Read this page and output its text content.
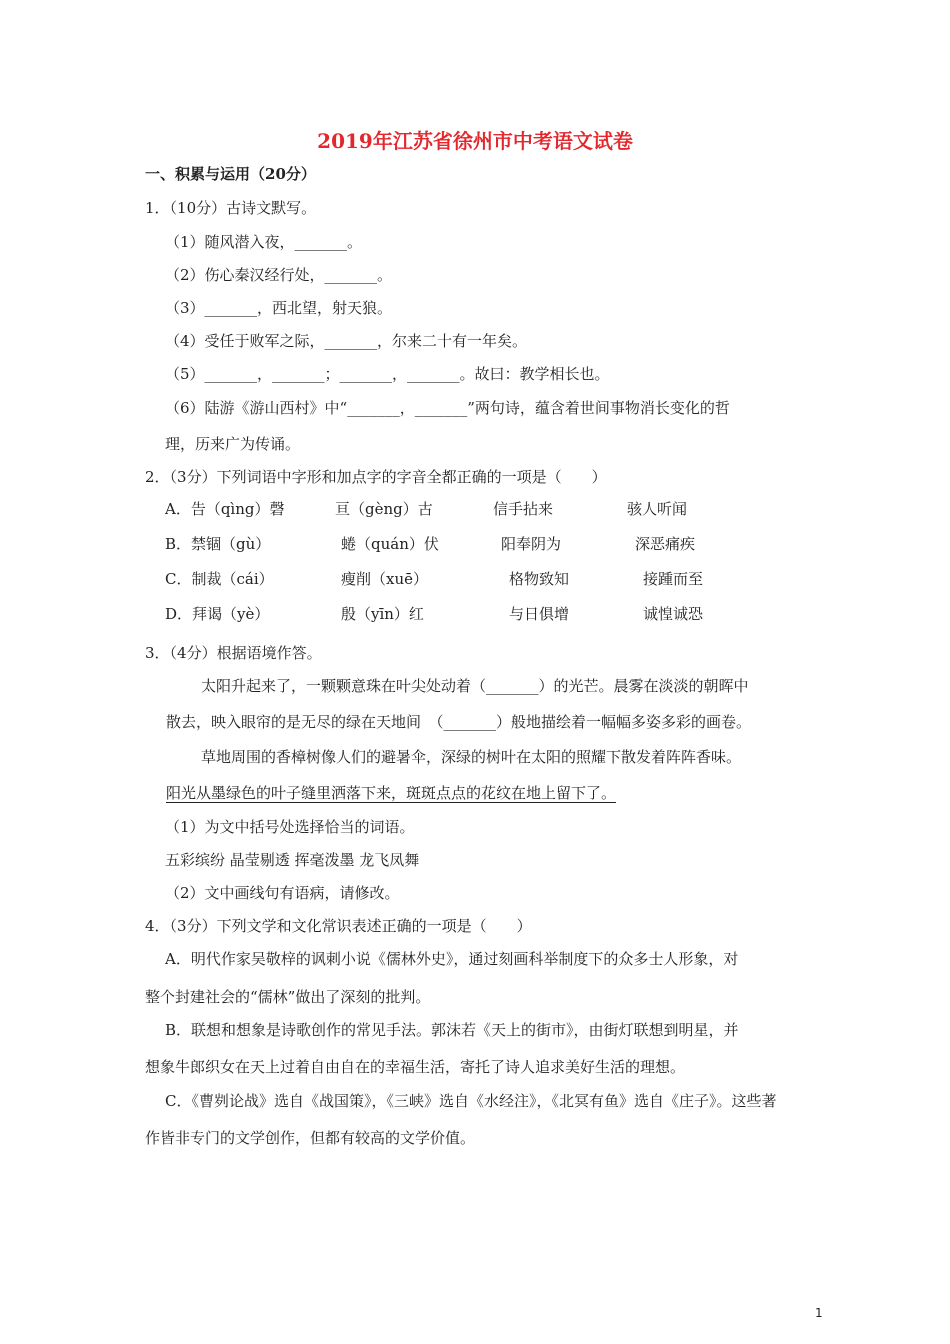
2019年江苏省徐州市中考语文试卷
一、积累与运用（20分）
1．（10分）古诗文默写。
（1）随风潜入夜，_______。
（2）伤心秦汉经行处，_______。
（3）_______，西北望，射天狼。
（4）受任于败军之际，_______，尔来二十有一年矣。
（5）_______，_______；_______，_______。故曰：教学相长也。
（6）陆游《游山西村》中“_______，_______”两句诗，蕴含着世间事物消长变化的哲
理，历来广为传诵。
2．（3分）下列词语中字形和加点字的字音全都正确的一项是（　　）
A．告（qìng）磬	亘（gèng）古	信手拈来	骇人听闻
B．禁锢（gù）	蜷（quán）伏	阳奉阴为	深恶痛疾
C．制裁（cái）	瘦削（xuē）	格物致知	接踵而至
D．拜谒（yè）	殷（yīn）红	与日俱增	诚惶诚恐
3．（4分）根据语境作答。
太阳升起来了，一颗颗意珠在叶尖处动着（_______）的光芒。晨雾在淡淡的朝晖中
散去，映入眼帘的是无尽的绿在天地间　（_______）般地描绘着一幅幅多姿多彩的画卷。
草地周围的香樟树像人们的避暑伞，深绿的树叶在太阳的照耀下散发着阵阵香味。
阳光从墨绿色的叶子缝里洒落下来，斑斑点点的花纹在地上留下了。
（1）为文中括号处选择恰当的词语。
五彩缤纷 晶莹剔透 挥毫泼墨 龙飞凤舞
（2）文中画线句有语病，请修改。
4．（3分）下列文学和文化常识表述正确的一项是（　　）
A．明代作家吴敬梓的讽刺小说《儒林外史》，通过刻画科举制度下的众多士人形象，对
整个封建社会的“儒林”做出了深刻的批判。
B．联想和想象是诗歌创作的常见手法。郭沫若《天上的街市》，由街灯联想到明星，并
想象牛郎织女在天上过着自由自在的幸福生活，寄托了诗人追求美好生活的理想。
C．《曹刿论战》选自《战国策》，《三峡》选自《水经注》，《北冥有鱼》选自《庄子》。这些著
作皆非专门的文学创作，但都有较高的文学价值。
1
